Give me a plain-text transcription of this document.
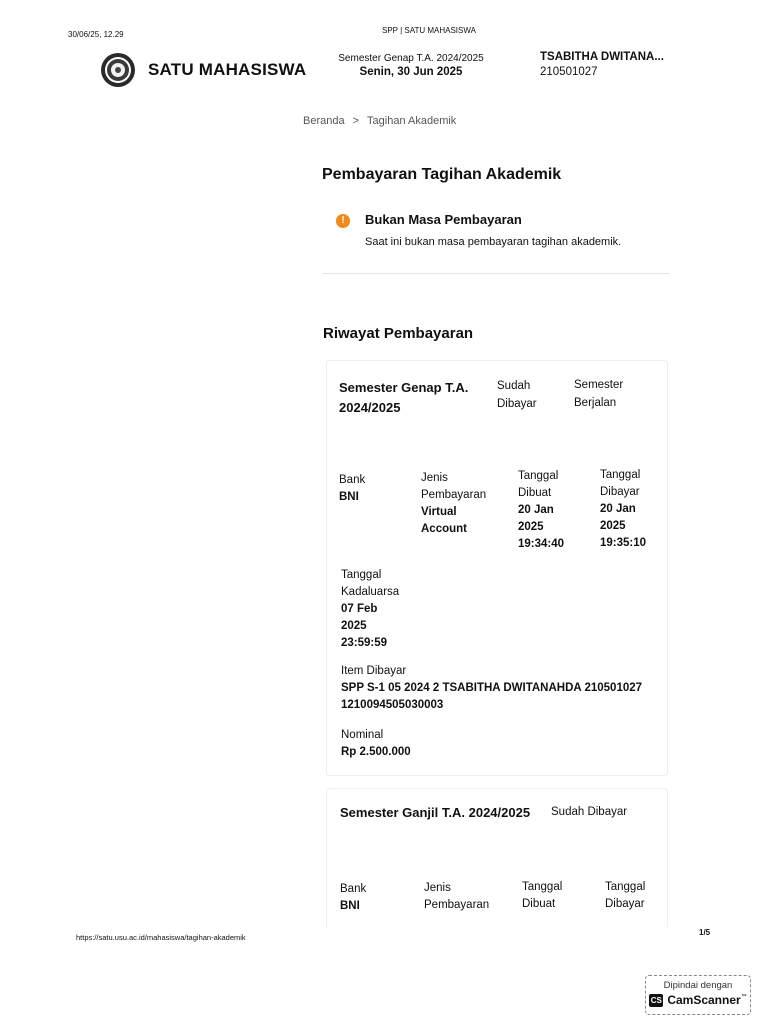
30/06/25, 12.29	SPP | SATU MAHASISWA
SATU MAHASISWA
Semester Genap T.A. 2024/2025
Senin, 30 Jun 2025
TSABITHA DWITANA...
210501027
Beranda > Tagihan Akademik
Pembayaran Tagihan Akademik
!	Bukan Masa Pembayaran
Saat ini bukan masa pembayaran tagihan akademik.
Riwayat Pembayaran
Semester Genap T.A.
2024/2025
Sudah
Dibayar
Semester
Berjalan
Bank
BNI
Jenis
Pembayaran
Virtual
Account
Tanggal
Dibuat
20 Jan
2025
19:34:40
Tanggal
Dibayar
20 Jan
2025
19:35:10
Tanggal
Kadaluarsa
07 Feb
2025
23:59:59
Item Dibayar
SPP S-1 05 2024 2 TSABITHA DWITANAHDA 210501027
1210094505030003
Nominal
Rp 2.500.000
Semester Ganjil T.A. 2024/2025 Sudah Dibayar
Bank
BNI
Jenis
Pembayaran
Tanggal
Dibuat
Tanggal
Dibayar
https://satu.usu.ac.id/mahasiswa/tagihan-akademik
1/5
Dipindai dengan
CS CamScanner ™
